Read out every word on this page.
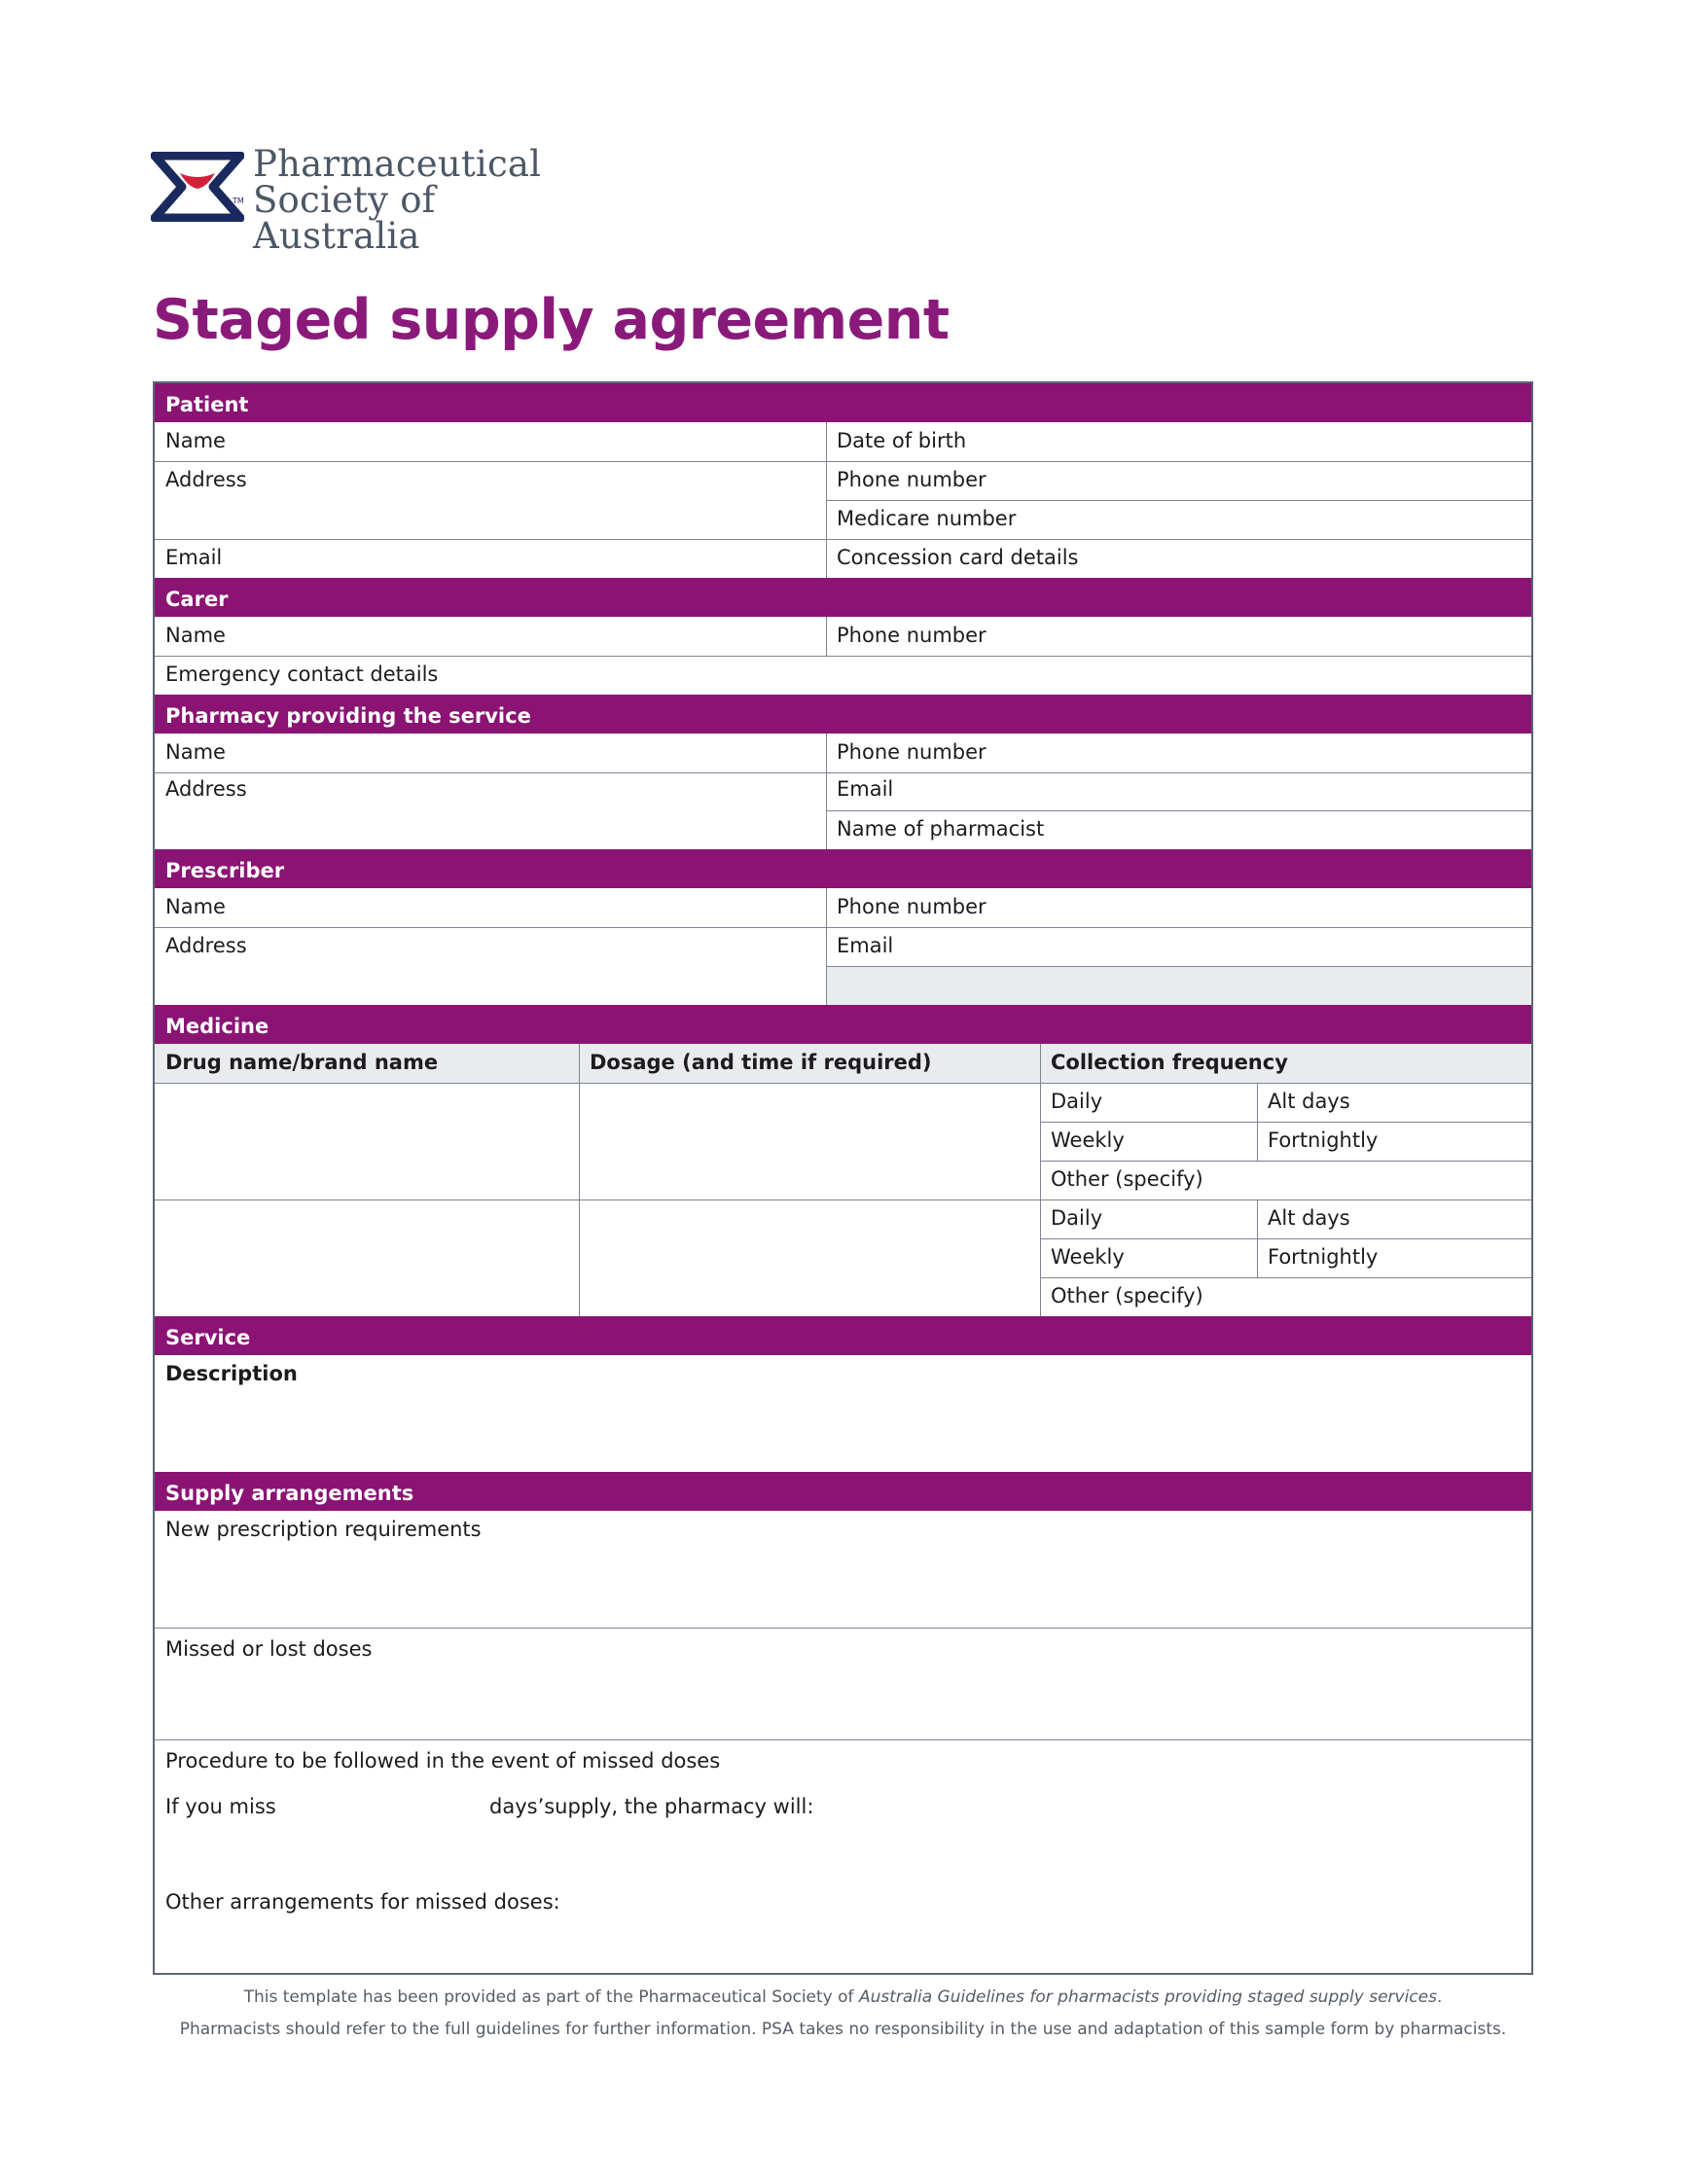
TM
Pharmaceutical
Society of Australia
Staged supply agreement
Patient
Name	Date of birth
Address	Phone number
Medicare number
Email	Concession card details
Carer
Name	Phone number
Emergency contact details
Pharmacy providing the service
Name	Phone number
Address	Email
Name of pharmacist
Prescriber
Name	Phone number
Address	Email
Medicine
Drug name/brand name	Dosage (and time if required)	Collection frequency
Daily	Alt days
Weekly	Fortnightly
Other (specify)
Daily	Alt days
Weekly	Fortnightly
Other (specify)
Service
Description
Supply arrangements
New prescription requirements
Missed or lost doses
Procedure to be followed in the event of missed doses
If you miss	days’supply, the pharmacy will:
Other arrangements for missed doses:
This template has been provided as part of the Pharmaceutical Society of Australia Guidelines for pharmacists providing staged supply services.
Pharmacists should refer to the full guidelines for further information. PSA takes no responsibility in the use and adaptation of this sample form by pharmacists.
